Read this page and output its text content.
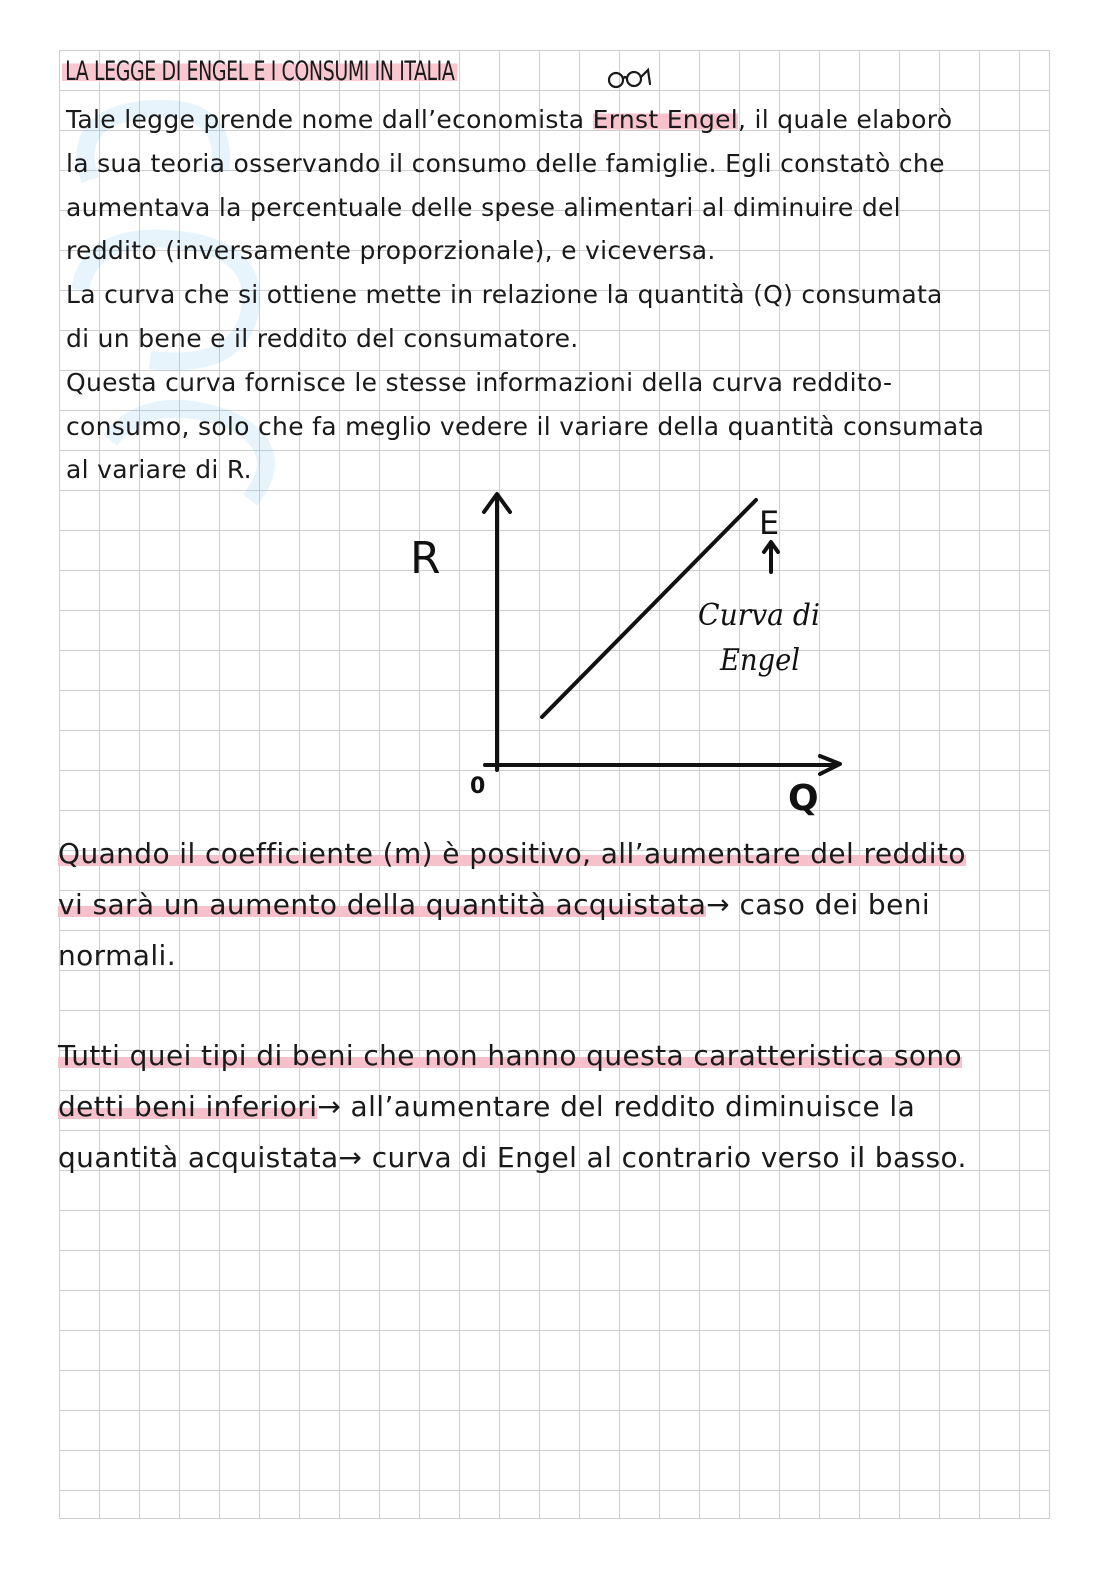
LA LEGGE DI ENGEL E I CONSUMI IN ITALIA
Tale legge prende nome dall’economista Ernst Engel, il quale elaborò
la sua teoria osservando il consumo delle famiglie. Egli constatò che
aumentava la percentuale delle spese alimentari al diminuire del
reddito (inversamente proporzionale), e viceversa.
La curva che si ottiene mette in relazione la quantità (Q) consumata
di un bene e il reddito del consumatore.
Questa curva fornisce le stesse informazioni della curva reddito-
consumo, solo che fa meglio vedere il variare della quantità consumata
al variare di R.
R
Q
0
E
Curva di
Engel
Quando il coefficiente (m) è positivo, all’aumentare del reddito
vi sarà un aumento della quantità acquistata→ caso dei beni
normali.
Tutti quei tipi di beni che non hanno questa caratteristica sono
detti beni inferiori→ all’aumentare del reddito diminuisce la
quantità acquistata→ curva di Engel al contrario verso il basso.
